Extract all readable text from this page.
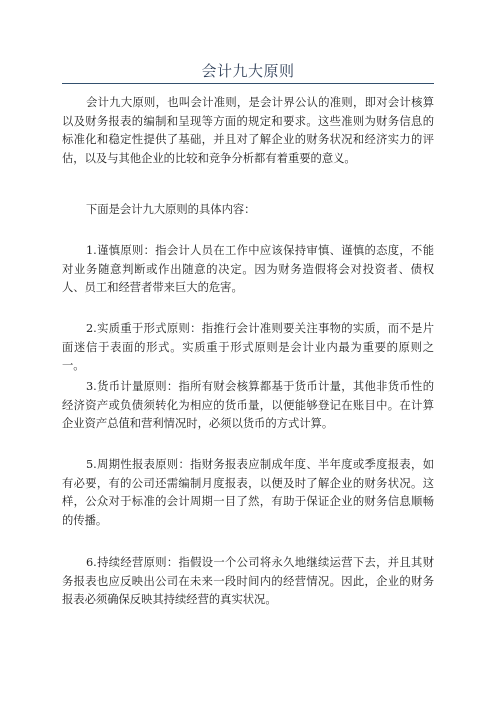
会计九大原则

会计九大原则，也叫会计准则，是会计界公认的准则，即对会计核算以及财务报表的编制和呈现等方面的规定和要求。这些准则为财务信息的标准化和稳定性提供了基础，并且对了解企业的财务状况和经济实力的评估，以及与其他企业的比较和竞争分析都有着重要的意义。

下面是会计九大原则的具体内容：

1.谨慎原则：指会计人员在工作中应该保持审慎、谨慎的态度，不能对业务随意判断或作出随意的决定。因为财务造假将会对投资者、债权人、员工和经营者带来巨大的危害。

2.实质重于形式原则：指推行会计准则要关注事物的实质，而不是片面迷信于表面的形式。实质重于形式原则是会计业内最为重要的原则之一。

3.货币计量原则：指所有财会核算都基于货币计量，其他非货币性的经济资产或负债须转化为相应的货币量，以便能够登记在账目中。在计算企业资产总值和营利情况时，必须以货币的方式计算。

5.周期性报表原则：指财务报表应制成年度、半年度或季度报表，如有必要，有的公司还需编制月度报表，以便及时了解企业的财务状况。这样，公众对于标准的会计周期一目了然，有助于保证企业的财务信息顺畅的传播。

6.持续经营原则：指假设一个公司将永久地继续运营下去，并且其财务报表也应反映出公司在未来一段时间内的经营情况。因此，企业的财务报表必须确保反映其持续经营的真实状况。
